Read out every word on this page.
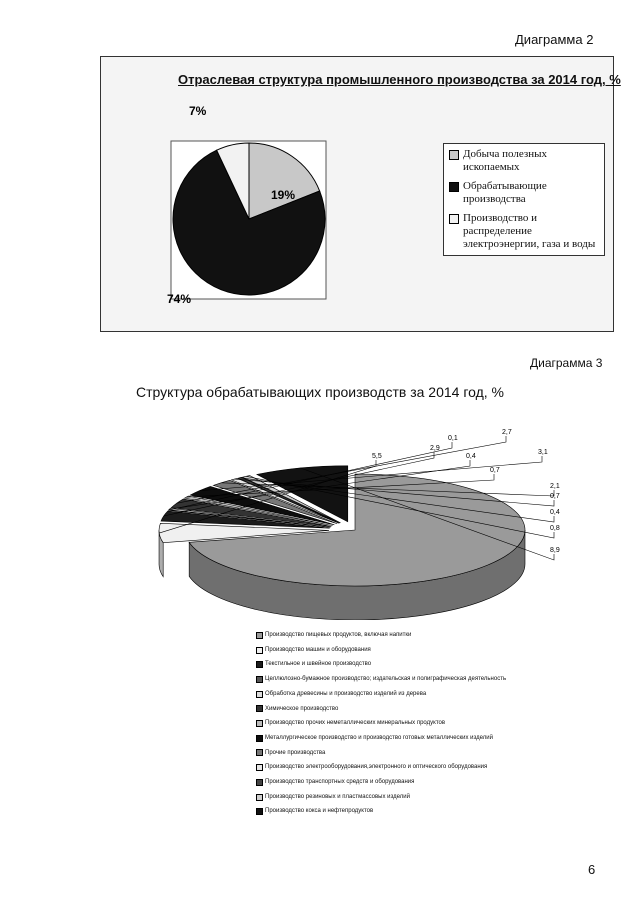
Диаграмма 2
19%
74%
7%
Отраслевая структура промышленного производства за 2014 год, %
Добыча полезных ископаемых
Обрабатывающие производства
Производство и распределение электроэнергии, газа и воды
Диаграмма 3
Структура обрабатывающих производств за 2014 год, %
5,5
2,9
0,1
0,4
2,7
0,7
3,1
2,1
0,7
0,4
0,8
8,9
Производство пищевых продуктов, включая напитки
Производство машин и оборудования
Текстильное и швейное производство
Целлюлозно-бумажное производство; издательская и полиграфическая деятельность
Обработка древесины и производство изделий из дерева
Химическое производство
Производство прочих неметаллических минеральных продуктов
Металлургическое производство и производство готовых металлических изделий
Прочие производства
Производство электрооборудования,электронного и оптического оборудования
Производство транспортных средств и оборудования
Производство резиновых и пластмассовых изделий
Производство кокса и нефтепродуктов
6
